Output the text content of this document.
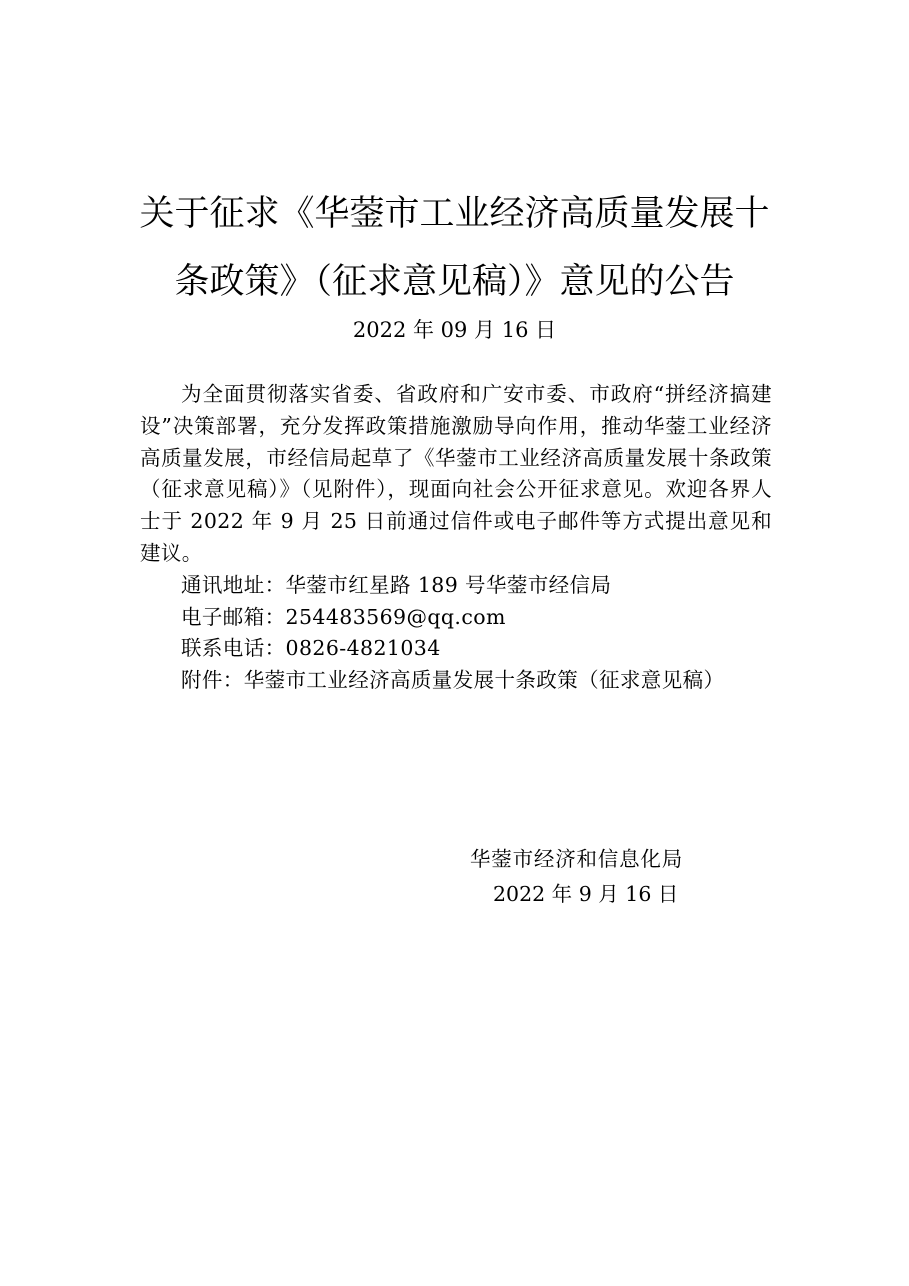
关于征求《华蓥市工业经济高质量发展十
条政策》（征求意见稿）》意见的公告
2022 年 09 月 16 日

为全面贯彻落实省委、省政府和广安市委、市政府“拼经济搞建设”决策部署，充分发挥政策措施激励导向作用，推动华蓥工业经济高质量发展，市经信局起草了《华蓥市工业经济高质量发展十条政策（征求意见稿）》（见附件），现面向社会公开征求意见。欢迎各界人士于 2022 年 9 月 25 日前通过信件或电子邮件等方式提出意见和建议。

通讯地址：华蓥市红星路 189 号华蓥市经信局

电子邮箱：254483569@qq.com

联系电话：0826-4821034

附件：华蓥市工业经济高质量发展十条政策（征求意见稿）

华蓥市经济和信息化局
2022 年 9 月 16 日
